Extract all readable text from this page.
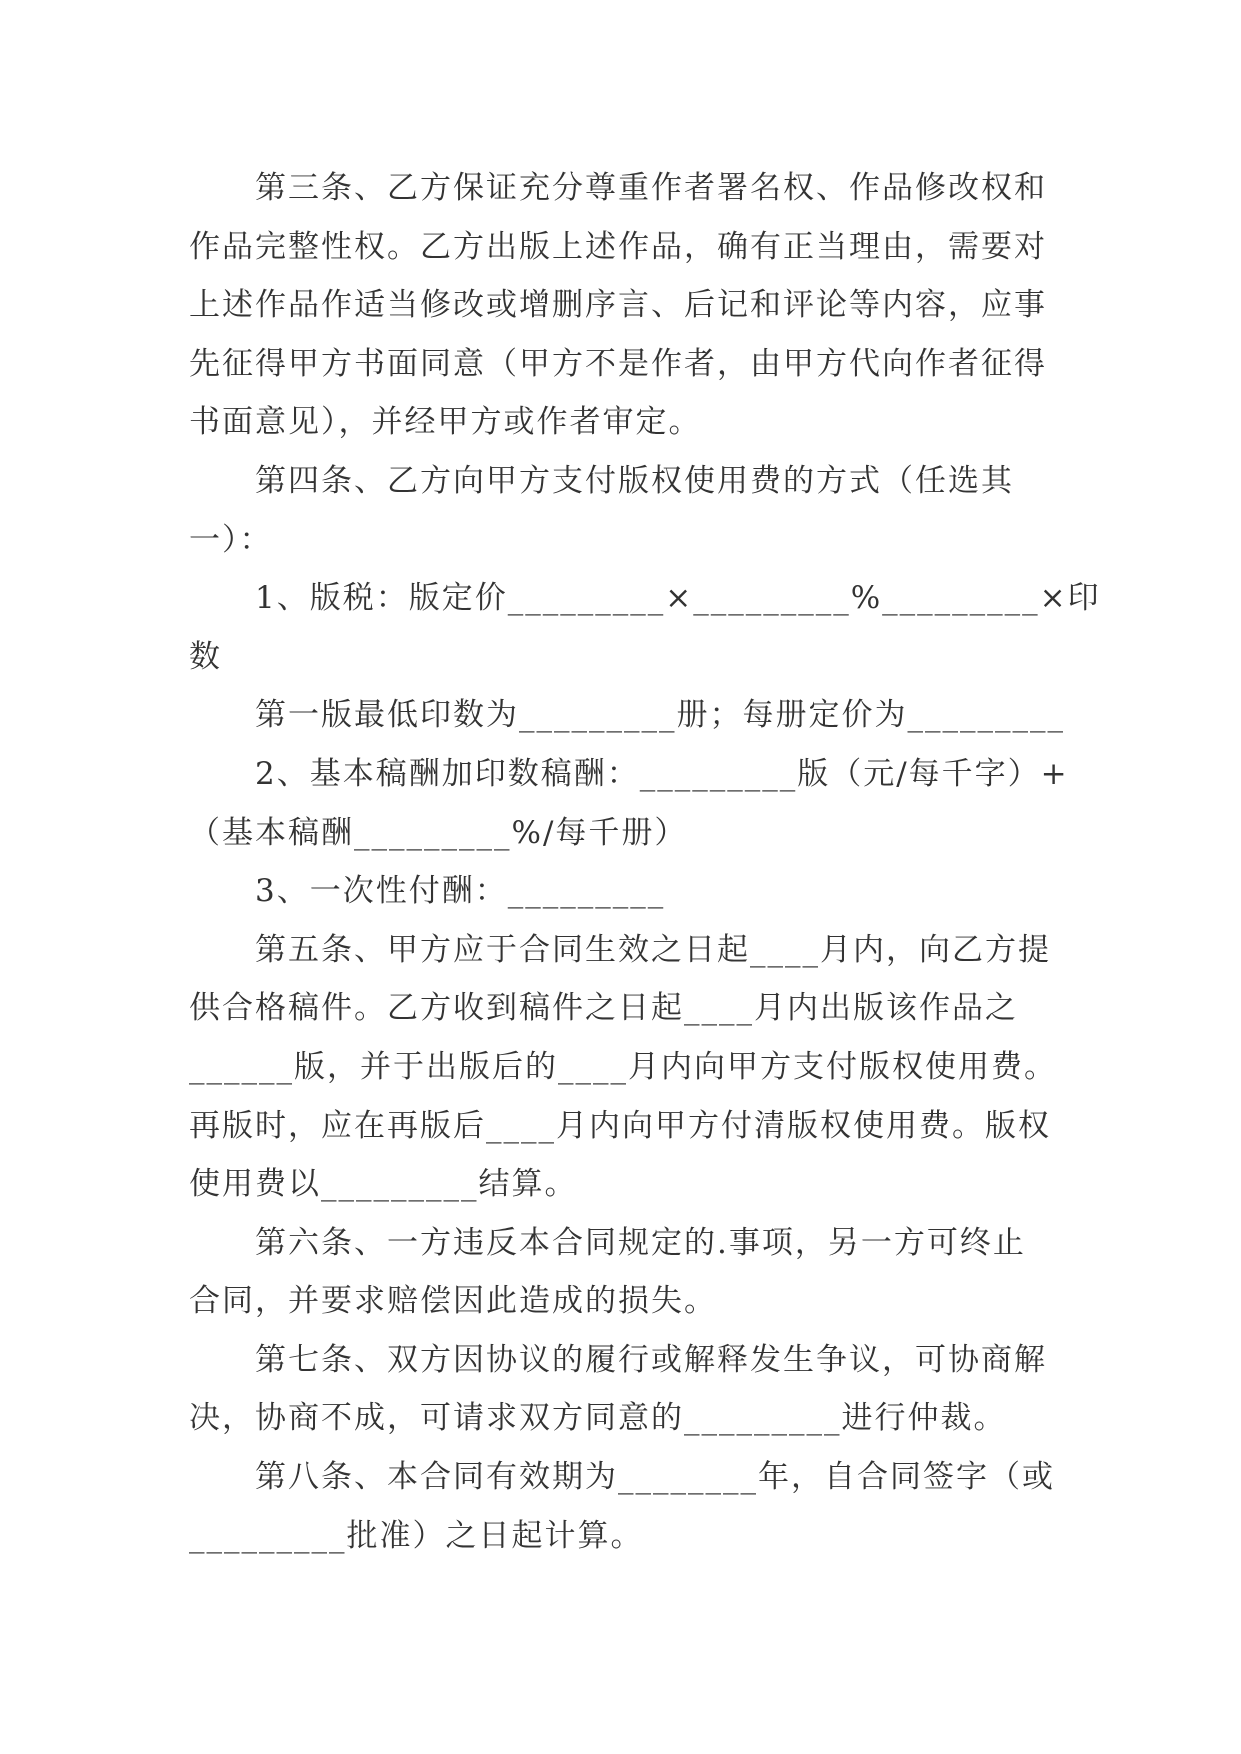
第三条、乙方保证充分尊重作者署名权、作品修改权和
作品完整性权。乙方出版上述作品，确有正当理由，需要对
上述作品作适当修改或增删序言、后记和评论等内容，应事
先征得甲方书面同意（甲方不是作者，由甲方代向作者征得
书面意见），并经甲方或作者审定。
第四条、乙方向甲方支付版权使用费的方式（任选其
一）：
1、版税：版定价_________×_________%_________×印
数
第一版最低印数为_________册；每册定价为_________
2、基本稿酬加印数稿酬：_________版（元/每千字）+
（基本稿酬_________%/每千册）
3、一次性付酬：_________
第五条、甲方应于合同生效之日起____月内，向乙方提
供合格稿件。乙方收到稿件之日起____月内出版该作品之
______版，并于出版后的____月内向甲方支付版权使用费。
再版时，应在再版后____月内向甲方付清版权使用费。版权
使用费以_________结算。
第六条、一方违反本合同规定的.事项，另一方可终止
合同，并要求赔偿因此造成的损失。
第七条、双方因协议的履行或解释发生争议，可协商解
决，协商不成，可请求双方同意的_________进行仲裁。
第八条、本合同有效期为________年，自合同签字（或
_________批准）之日起计算。
